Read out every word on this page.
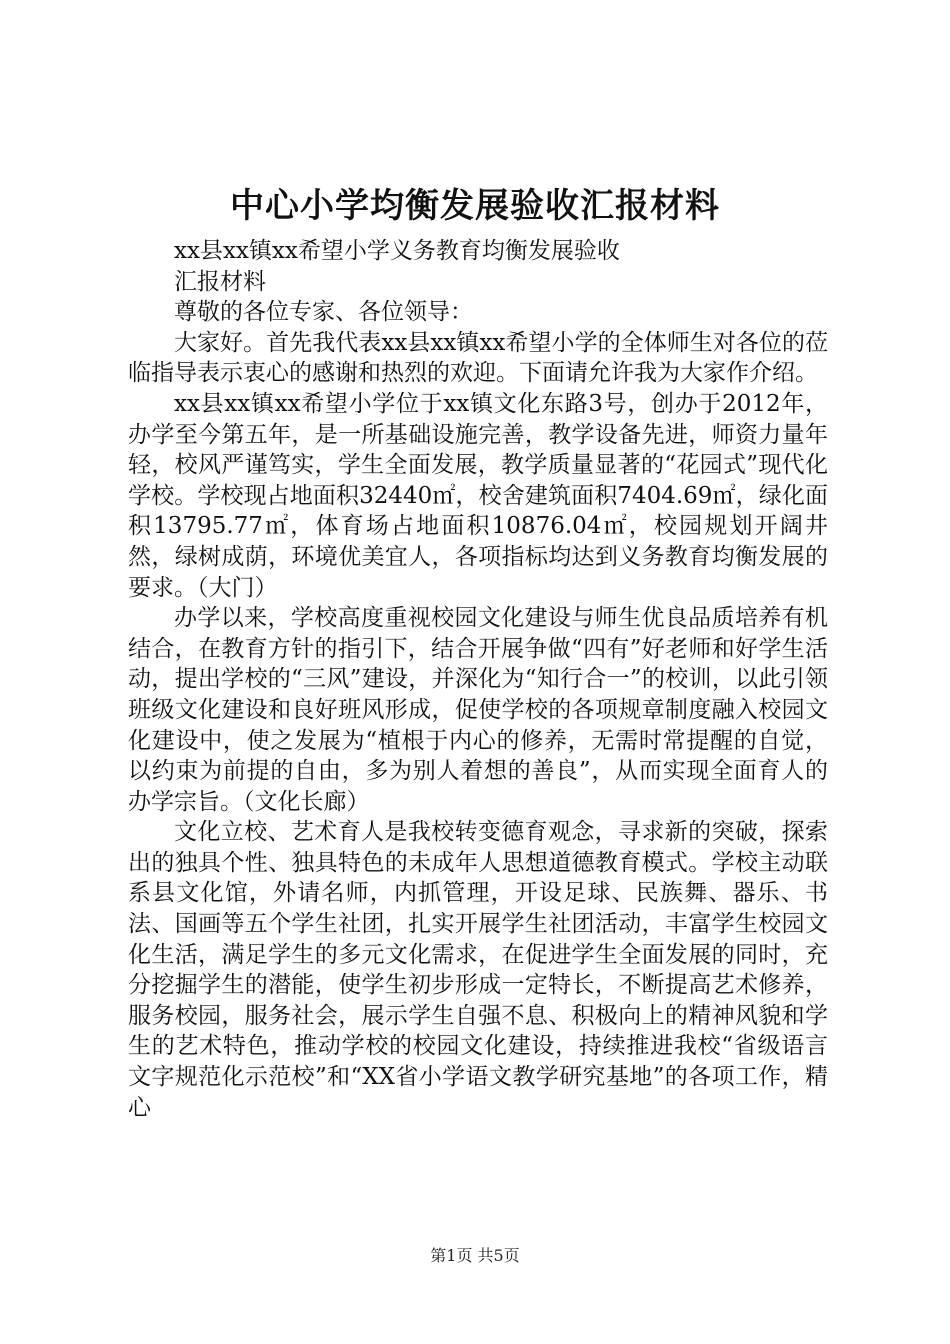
中心小学均衡发展验收汇报材料

xx县xx镇xx希望小学义务教育均衡发展验收

汇报材料

尊敬的各位专家、各位领导：

大家好。首先我代表xx县xx镇xx希望小学的全体师生对各位的莅临指导表示衷心的感谢和热烈的欢迎。下面请允许我为大家作介绍。

xx县xx镇xx希望小学位于xx镇文化东路3号，创办于2012年，办学至今第五年，是一所基础设施完善，教学设备先进，师资力量年轻，校风严谨笃实，学生全面发展，教学质量显著的“花园式”现代化学校。学校现占地面积32440㎡，校舍建筑面积7404.69㎡，绿化面积13795.77㎡，体育场占地面积10876.04㎡，校园规划开阔井然，绿树成荫，环境优美宜人，各项指标均达到义务教育均衡发展的要求。（大门）

办学以来，学校高度重视校园文化建设与师生优良品质培养有机结合，在教育方针的指引下，结合开展争做“四有”好老师和好学生活动，提出学校的“三风”建设，并深化为“知行合一”的校训，以此引领班级文化建设和良好班风形成，促使学校的各项规章制度融入校园文化建设中，使之发展为“植根于内心的修养，无需时常提醒的自觉，以约束为前提的自由，多为别人着想的善良”，从而实现全面育人的办学宗旨。（文化长廊）

文化立校、艺术育人是我校转变德育观念，寻求新的突破，探索出的独具个性、独具特色的未成年人思想道德教育模式。学校主动联系县文化馆，外请名师，内抓管理，开设足球、民族舞、器乐、书法、国画等五个学生社团，扎实开展学生社团活动，丰富学生校园文化生活，满足学生的多元文化需求，在促进学生全面发展的同时，充分挖掘学生的潜能，使学生初步形成一定特长，不断提高艺术修养，服务校园，服务社会，展示学生自强不息、积极向上的精神风貌和学生的艺术特色，推动学校的校园文化建设，持续推进我校“省级语言文字规范化示范校”和“XX省小学语文教学研究基地”的各项工作，精心

第1页 共5页
